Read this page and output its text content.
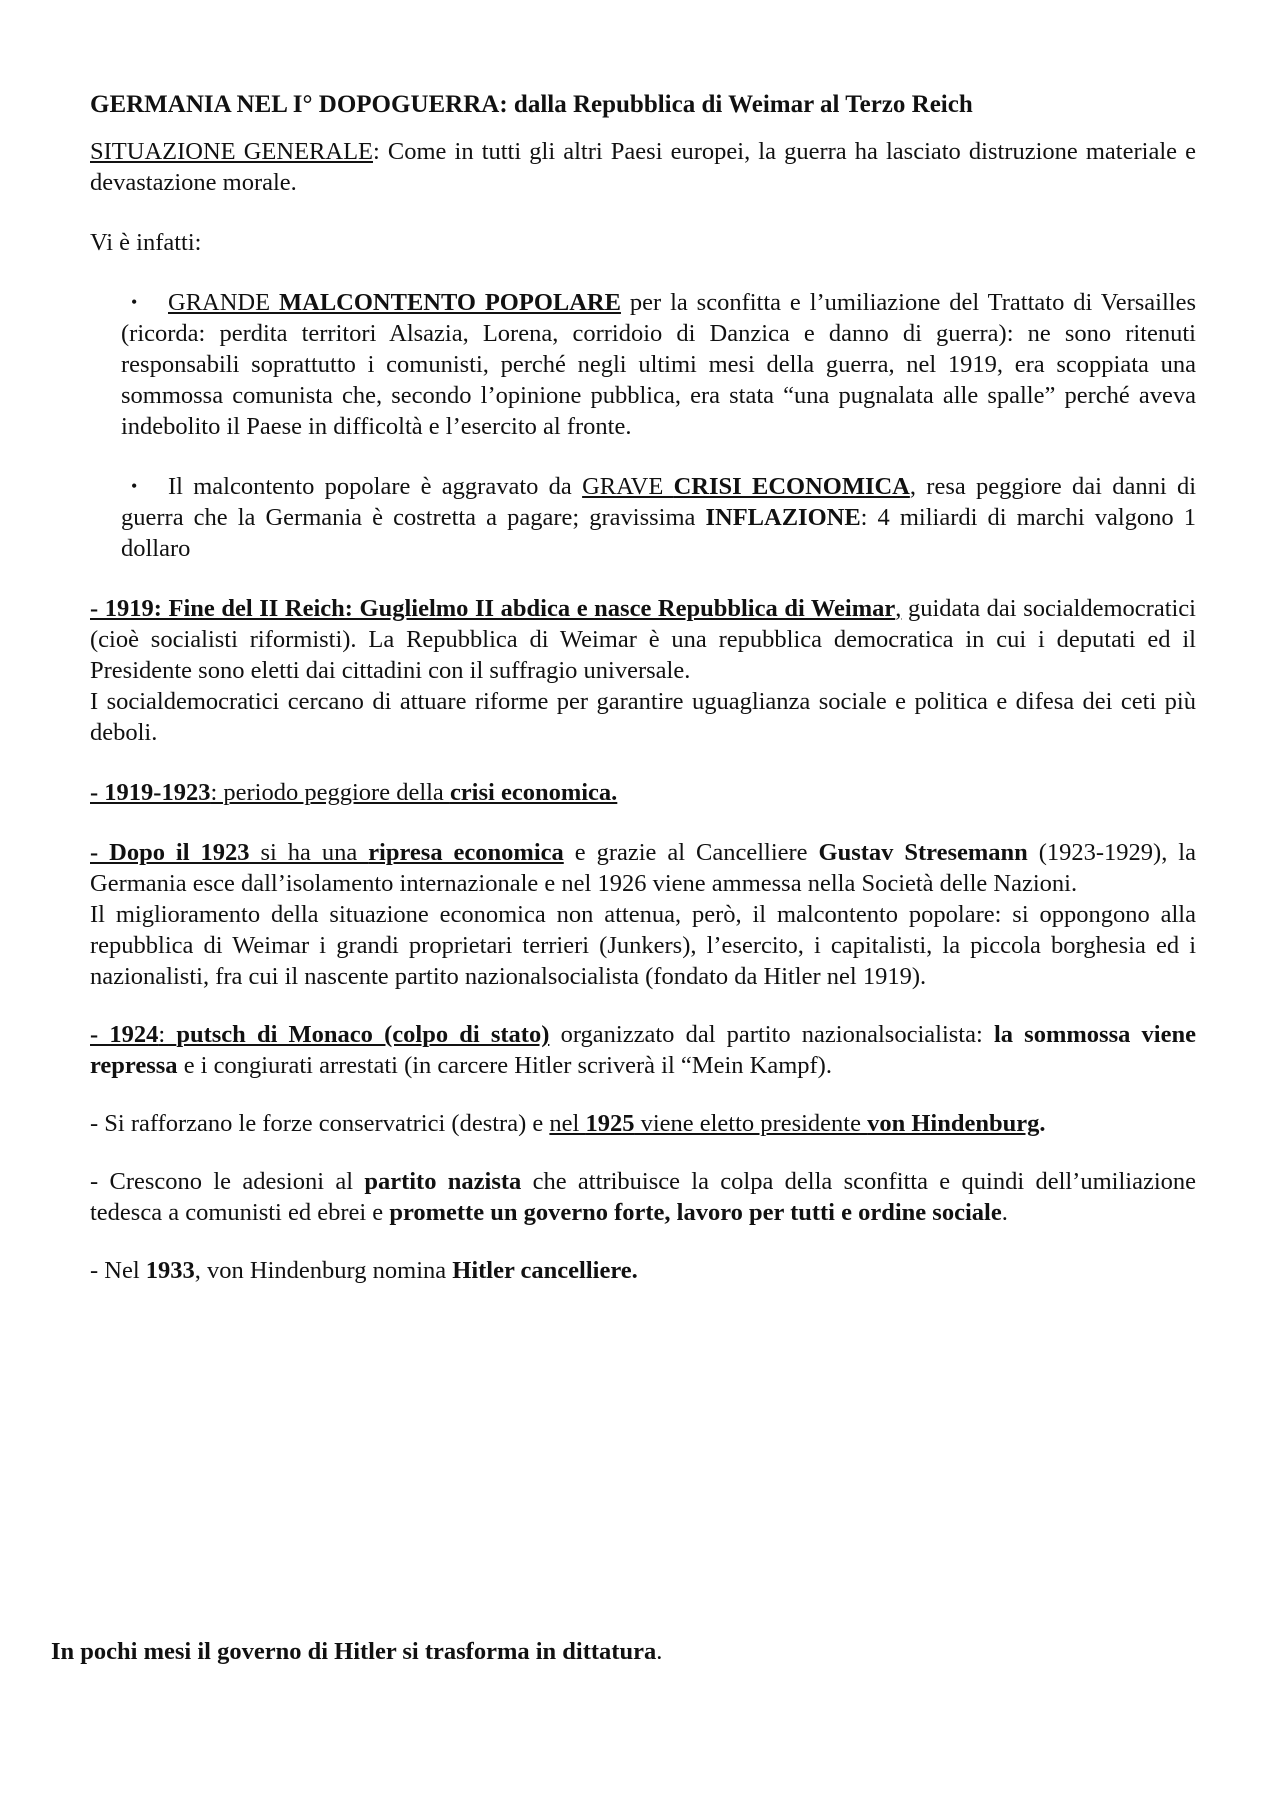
GERMANIA NEL I° DOPOGUERRA: dalla Repubblica di Weimar al Terzo Reich

SITUAZIONE GENERALE: Come in tutti gli altri Paesi europei, la guerra ha lasciato distruzione materiale e devastazione morale.

Vi è infatti:

• GRANDE MALCONTENTO POPOLARE per la sconfitta e l’umiliazione del Trattato di Versailles (ricorda: perdita territori Alsazia, Lorena, corridoio di Danzica e danno di guerra): ne sono ritenuti responsabili soprattutto i comunisti, perché negli ultimi mesi della guerra, nel 1919, era scoppiata una sommossa comunista che, secondo l’opinione pubblica, era stata “una pugnalata alle spalle” perché aveva indebolito il Paese in difficoltà e l’esercito al fronte.
• Il malcontento popolare è aggravato da GRAVE CRISI ECONOMICA, resa peggiore dai danni di guerra che la Germania è costretta a pagare; gravissima INFLAZIONE: 4 miliardi di marchi valgono 1 dollaro

- 1919: Fine del II Reich: Guglielmo II abdica e nasce Repubblica di Weimar, guidata dai socialdemocratici (cioè socialisti riformisti). La Repubblica di Weimar è una repubblica democratica in cui i deputati ed il Presidente sono eletti dai cittadini con il suffragio universale.

I socialdemocratici cercano di attuare riforme per garantire uguaglianza sociale e politica e difesa dei ceti più deboli.

- 1919-1923: periodo peggiore della crisi economica.

- Dopo il 1923 si ha una ripresa economica e grazie al Cancelliere Gustav Stresemann (1923-1929), la Germania esce dall’isolamento internazionale e nel 1926 viene ammessa nella Società delle Nazioni.

Il miglioramento della situazione economica non attenua, però, il malcontento popolare: si oppongono alla repubblica di Weimar i grandi proprietari terrieri (Junkers), l’esercito, i capitalisti, la piccola borghesia ed i nazionalisti, fra cui il nascente partito nazionalsocialista (fondato da Hitler nel 1919).

- 1924: putsch di Monaco (colpo di stato) organizzato dal partito nazionalsocialista: la sommossa viene repressa e i congiurati arrestati (in carcere Hitler scriverà il “Mein Kampf).

- Si rafforzano le forze conservatrici (destra) e nel 1925 viene eletto presidente von Hindenburg.

- Crescono le adesioni al partito nazista che attribuisce la colpa della sconfitta e quindi dell’umiliazione tedesca a comunisti ed ebrei e promette un governo forte, lavoro per tutti e ordine sociale.

- Nel 1933, von Hindenburg nomina Hitler cancelliere.

In pochi mesi il governo di Hitler si trasforma in dittatura.
